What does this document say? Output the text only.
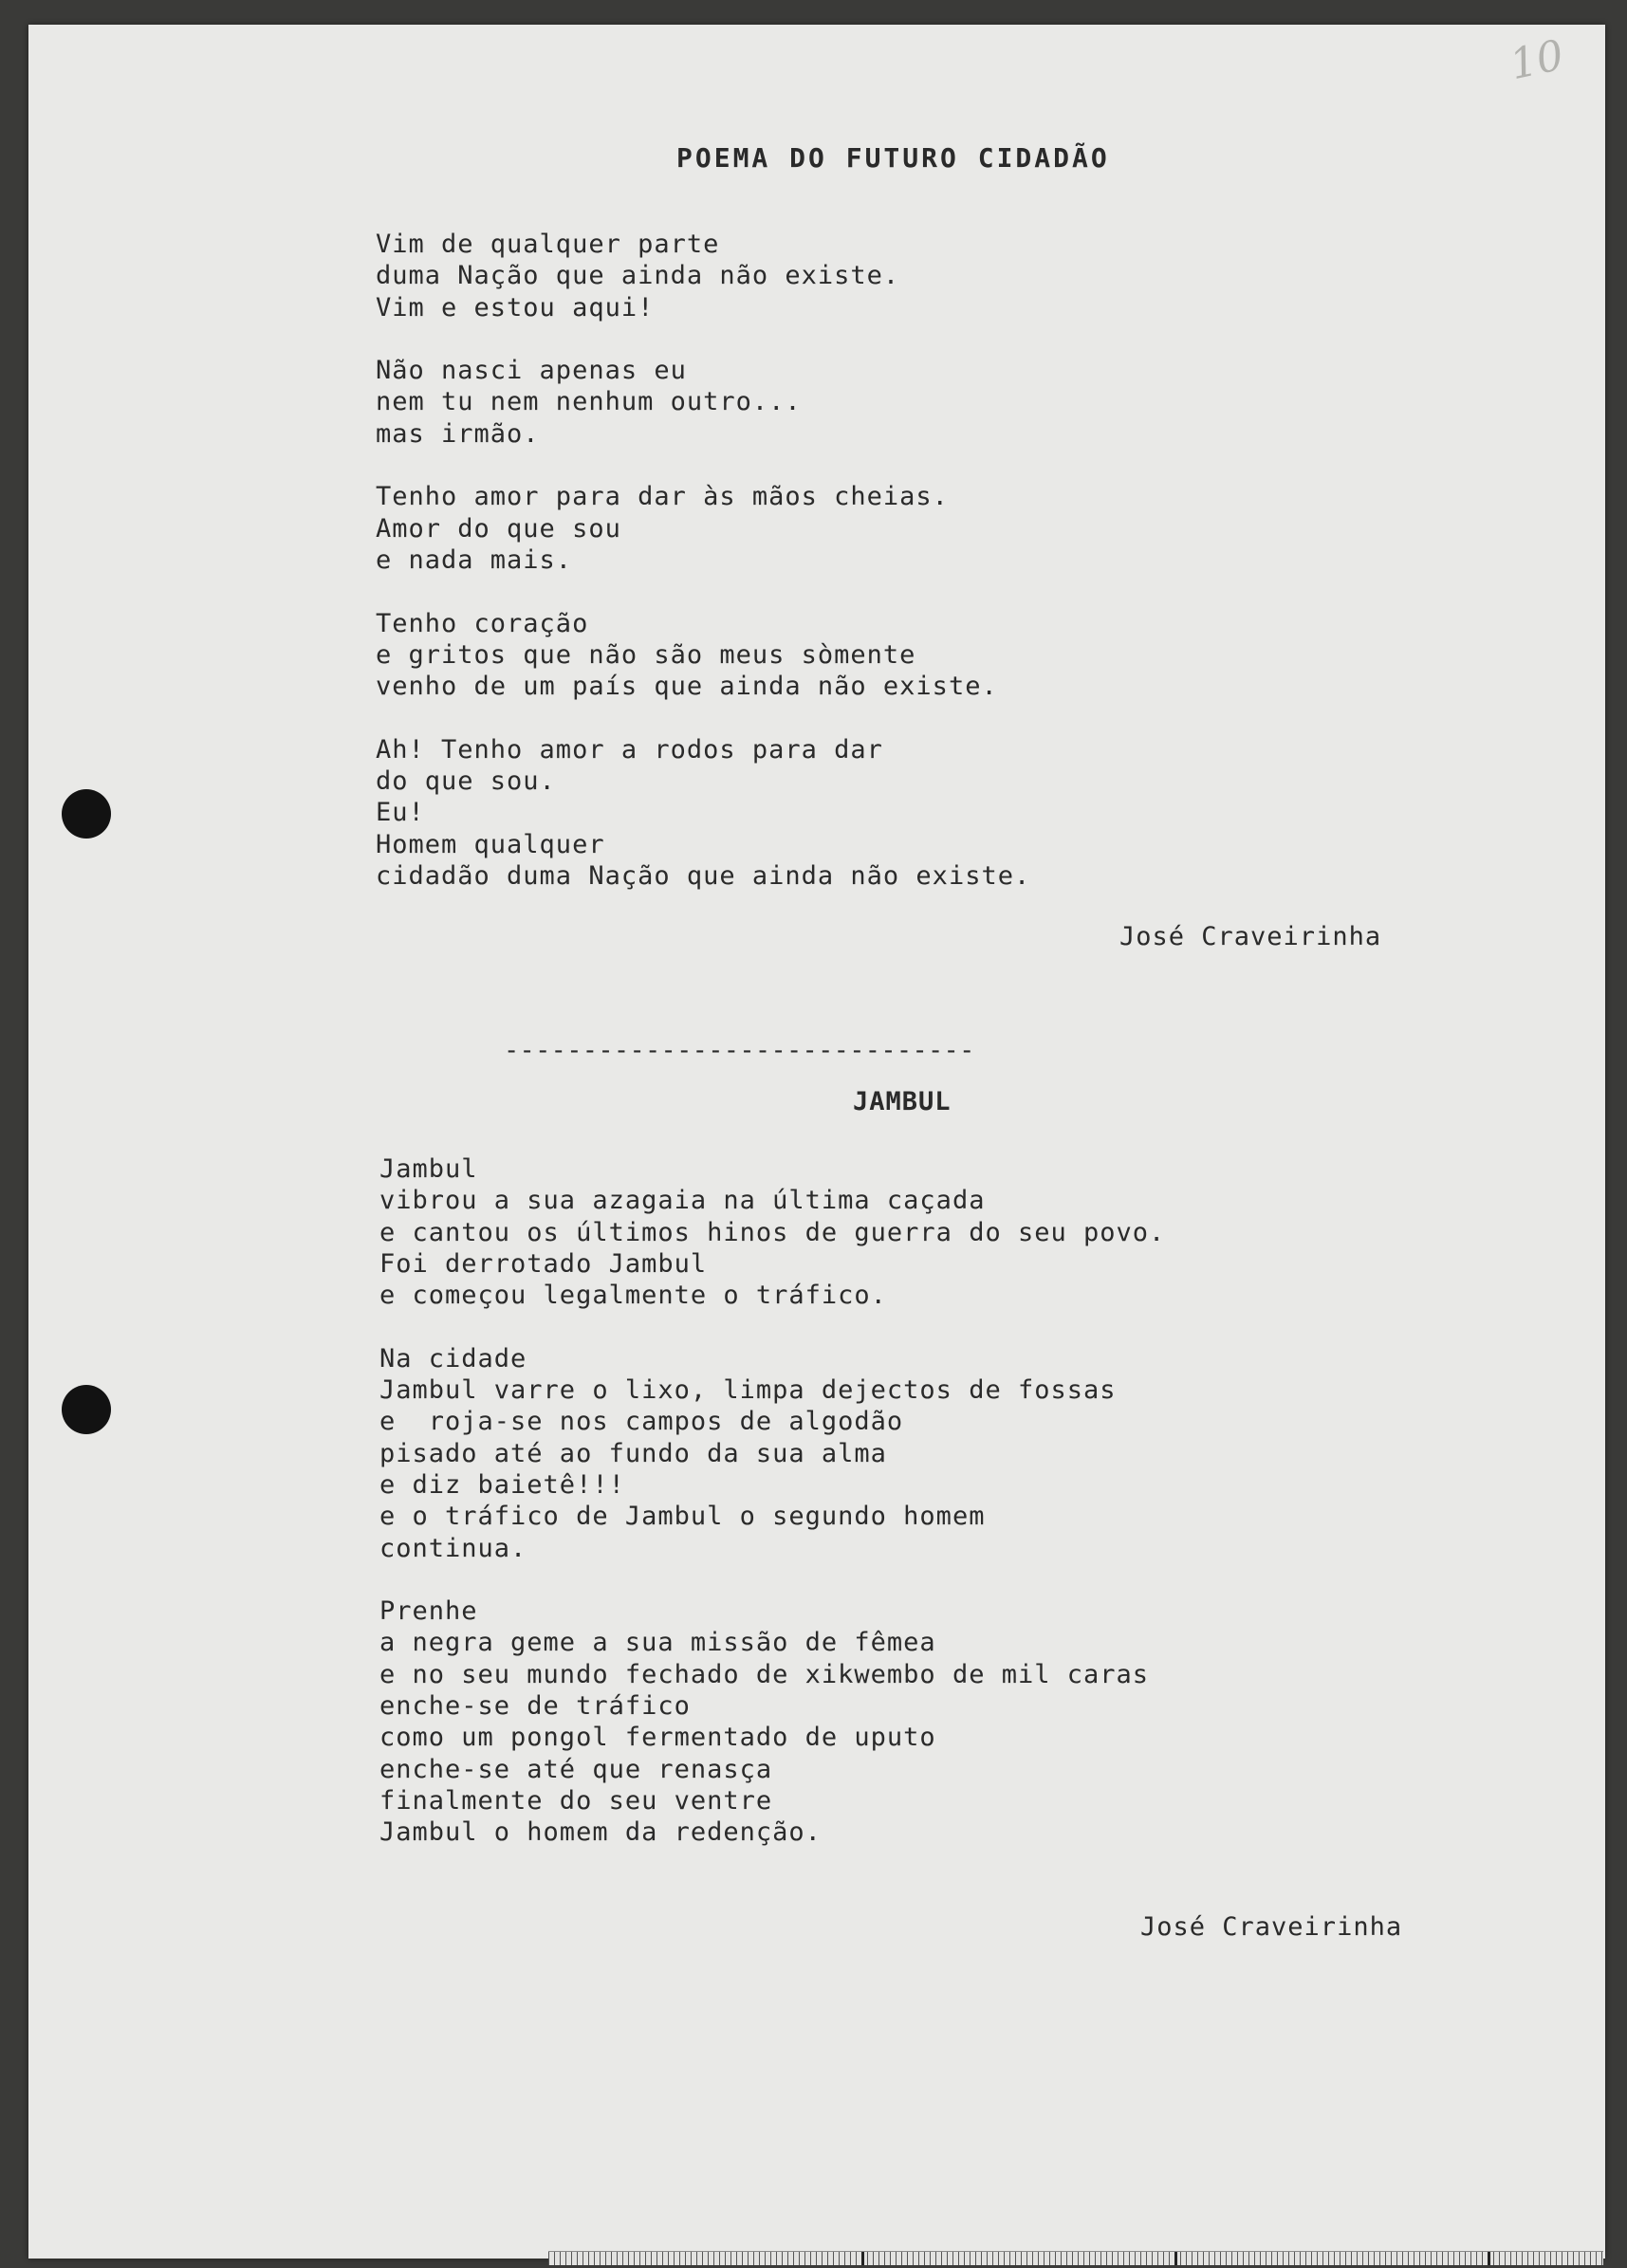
10
POEMA DO FUTURO CIDADÃO
Vim de qualquer parte
duma Nação que ainda não existe.
Vim e estou aqui!
Não nasci apenas eu
nem tu nem nenhum outro...
mas irmão.
Tenho amor para dar às mãos cheias.
Amor do que sou
e nada mais.
Tenho coração
e gritos que não são meus sòmente
venho de um país que ainda não existe.
Ah! Tenho amor a rodos para dar
do que sou.
Eu!
Homem qualquer
cidadão duma Nação que ainda não existe.
José Craveirinha
------------------------------
JAMBUL
Jambul
vibrou a sua azagaia na última caçada
e cantou os últimos hinos de guerra do seu povo.
Foi derrotado Jambul
e começou legalmente o tráfico.
Na cidade
Jambul varre o lixo, limpa dejectos de fossas
e  roja-se nos campos de algodão
pisado até ao fundo da sua alma
e diz baietê!!!
e o tráfico de Jambul o segundo homem
continua.
Prenhe
a negra geme a sua missão de fêmea
e no seu mundo fechado de xikwembo de mil caras
enche-se de tráfico
como um pongol fermentado de uputo
enche-se até que renasça
finalmente do seu ventre
Jambul o homem da redenção.
José Craveirinha
